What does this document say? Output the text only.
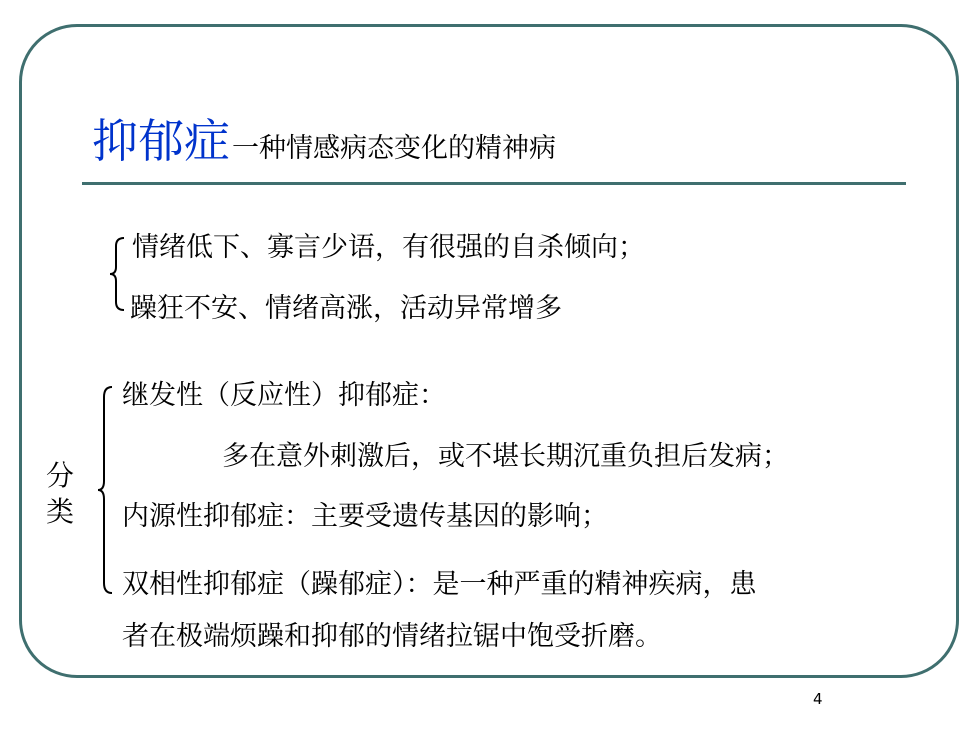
抑郁症一种情感病态变化的精神病
情绪低下、寡言少语，有很强的自杀倾向；
躁狂不安、情绪高涨，活动异常增多
分
类
继发性（反应性）抑郁症：
多在意外刺激后，或不堪长期沉重负担后发病；
内源性抑郁症：主要受遗传基因的影响；
双相性抑郁症（躁郁症）：是一种严重的精神疾病，患
者在极端烦躁和抑郁的情绪拉锯中饱受折磨。
4
